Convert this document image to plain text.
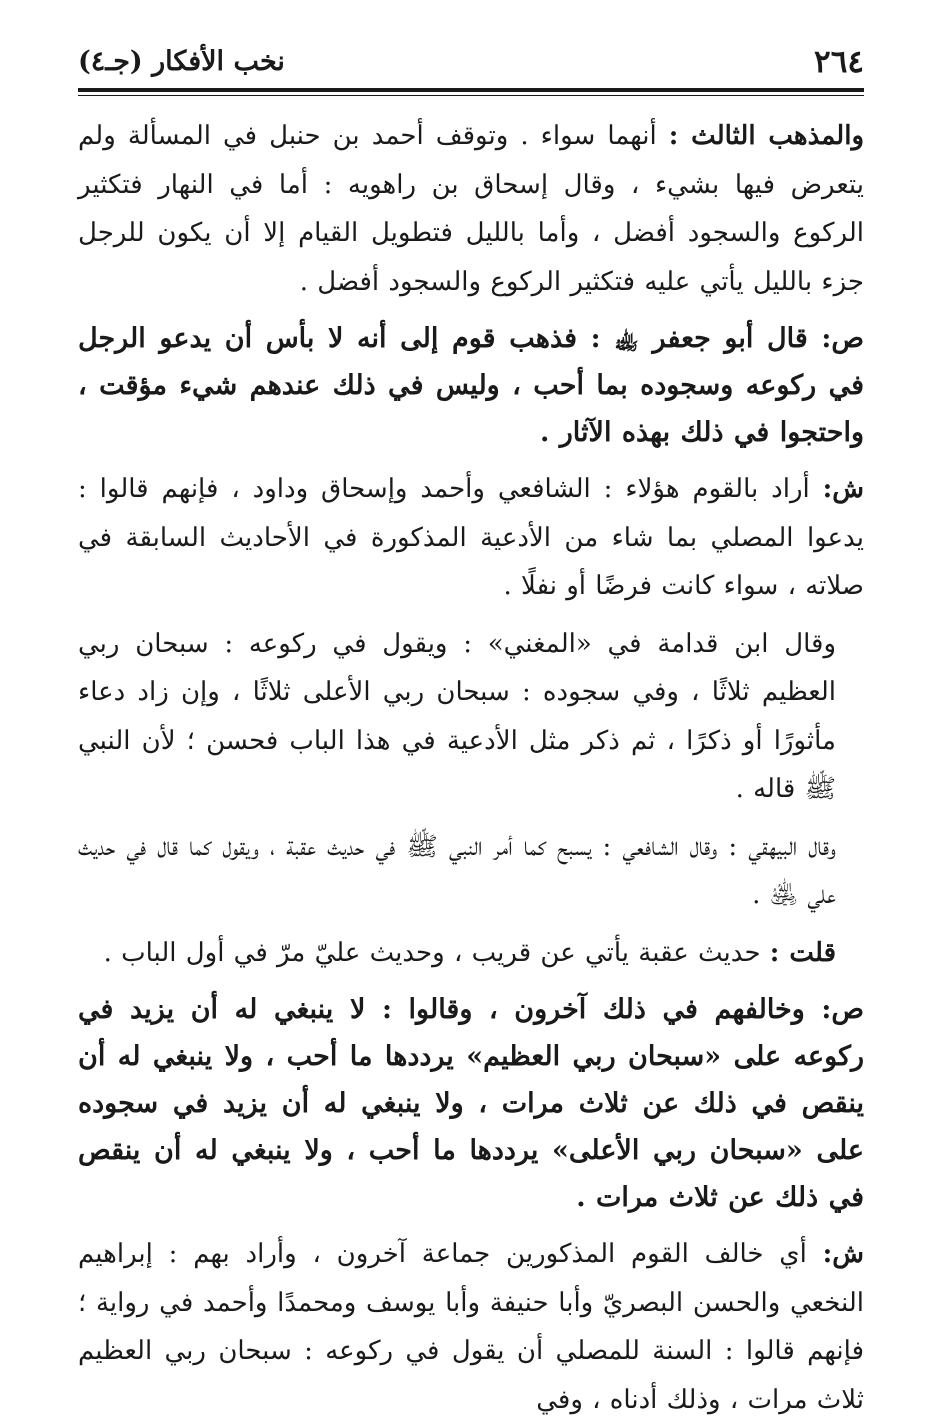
٢٦٤
نخب الأفكار (جـ٤)

والمذهب الثالث : أنهما سواء . وتوقف أحمد بن حنبل في المسألة ولم يتعرض فيها بشيء ، وقال إسحاق بن راهويه : أما في النهار فتكثير الركوع والسجود أفضل ، وأما بالليل فتطويل القيام إلا أن يكون للرجل جزء بالليل يأتي عليه فتكثير الركوع والسجود أفضل .

ص: قال أبو جعفر ﵀ : فذهب قوم إلى أنه لا بأس أن يدعو الرجل في ركوعه وسجوده بما أحب ، وليس في ذلك عندهم شيء مؤقت ، واحتجوا في ذلك بهذه الآثار .

ش: أراد بالقوم هؤلاء : الشافعي وأحمد وإسحاق وداود ، فإنهم قالوا : يدعوا المصلي بما شاء من الأدعية المذكورة في الأحاديث السابقة في صلاته ، سواء كانت فرضًا أو نفلًا .

وقال ابن قدامة في «المغني» : ويقول في ركوعه : سبحان ربي العظيم ثلاثًا ، وفي سجوده : سبحان ربي الأعلى ثلاثًا ، وإن زاد دعاء مأثورًا أو ذكرًا ، ثم ذكر مثل الأدعية في هذا الباب فحسن ؛ لأن النبي ﷺ قاله .

وقال البيهقي : وقال الشافعي : يسبح كما أمر النبي ﷺ في حديث عقبة ، ويقول كما قال في حديث علي ﵁ .

قلت : حديث عقبة يأتي عن قريب ، وحديث عليّ مرّ في أول الباب .

ص: وخالفهم في ذلك آخرون ، وقالوا : لا ينبغي له أن يزيد في ركوعه على «سبحان ربي العظيم» يرددها ما أحب ، ولا ينبغي له أن ينقص في ذلك عن ثلاث مرات ، ولا ينبغي له أن يزيد في سجوده على «سبحان ربي الأعلى» يرددها ما أحب ، ولا ينبغي له أن ينقص في ذلك عن ثلاث مرات .

ش: أي خالف القوم المذكورين جماعة آخرون ، وأراد بهم : إبراهيم النخعي والحسن البصريّ وأبا حنيفة وأبا يوسف ومحمدًا وأحمد في رواية ؛ فإنهم قالوا : السنة للمصلي أن يقول في ركوعه : سبحان ربي العظيم ثلاث مرات ، وذلك أدناه ، وفي
